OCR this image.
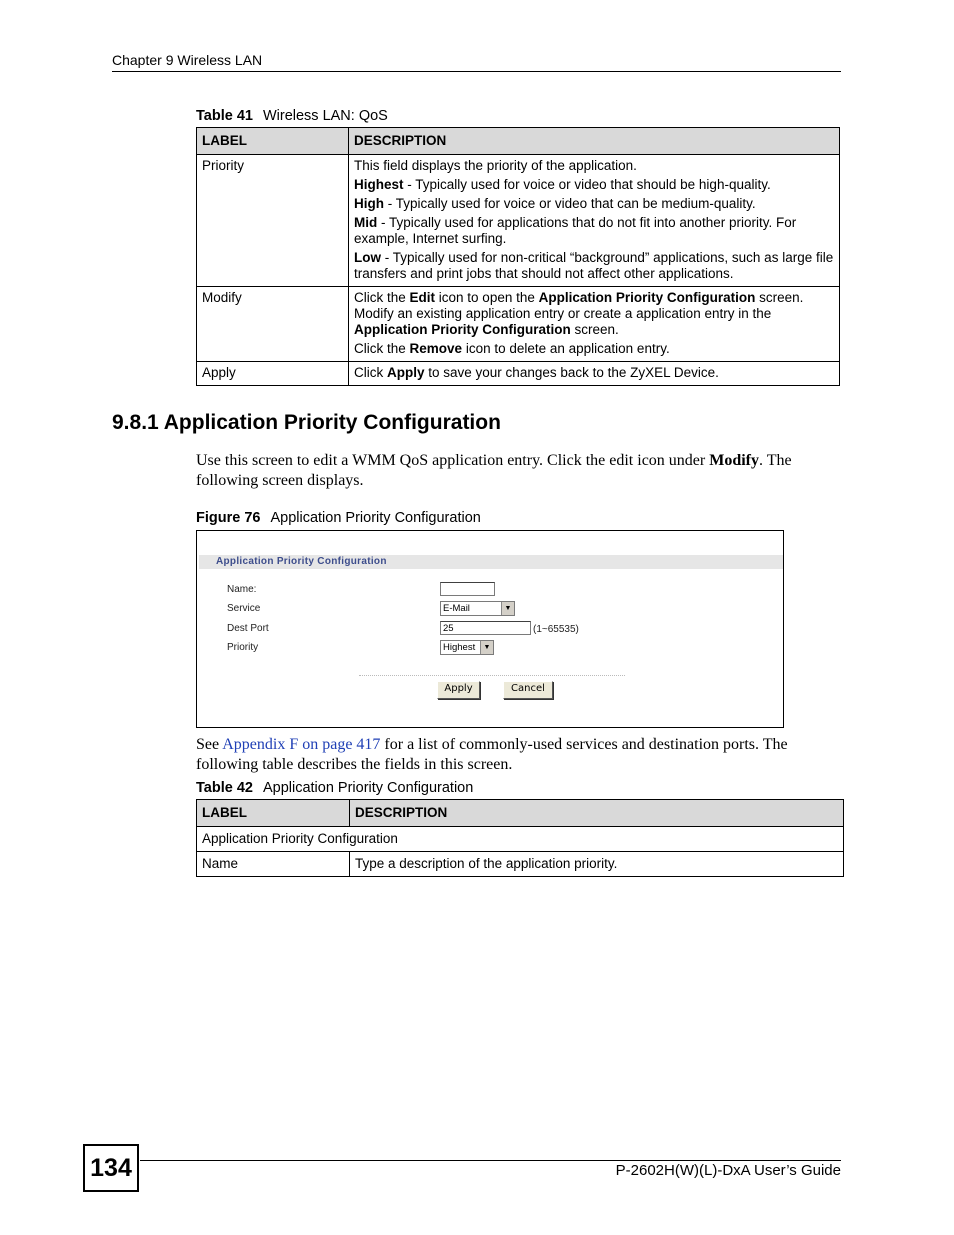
Chapter 9 Wireless LAN
Table 41 Wireless LAN: QoS
LABEL	DESCRIPTION
Priority	This field displays the priority of the application.

Highest - Typically used for voice or video that should be high-quality.

High - Typically used for voice or video that can be medium-quality.

Mid - Typically used for applications that do not fit into another priority. For example, Internet surfing.

Low - Typically used for non-critical “background” applications, such as large file transfers and print jobs that should not affect other applications.

Modify	Click the Edit icon to open the Application Priority Configuration screen. Modify an existing application entry or create a application entry in the Application Priority Configuration screen.

Click the Remove icon to delete an application entry.

Apply	Click Apply to save your changes back to the ZyXEL Device.
9.8.1 Application Priority Configuration
Use this screen to edit a WMM QoS application entry. Click the edit icon under Modify. The following screen displays.
Figure 76 Application Priority Configuration
Application Priority Configuration
Name:
Service	E-Mail	▼
Dest Port	25	(1~65535)
Priority	Highest	▼
Apply	Cancel
See Appendix F on page 417 for a list of commonly-used services and destination ports. The following table describes the fields in this screen.
Table 42 Application Priority Configuration
LABEL	DESCRIPTION
Application Priority Configuration	
Name	Type a description of the application priority.
134	P-2602H(W)(L)-DxA User’s Guide
